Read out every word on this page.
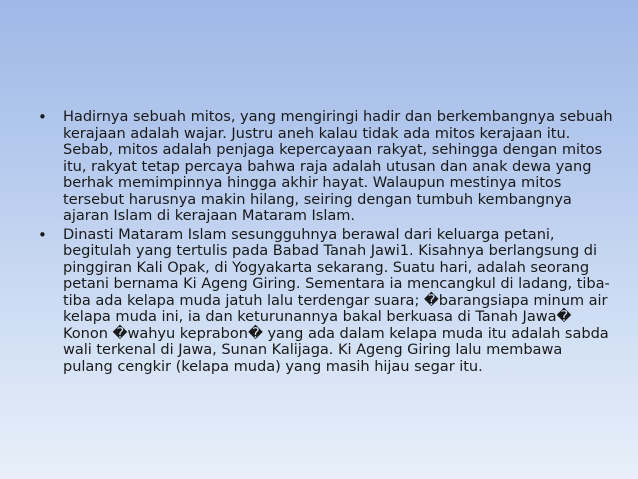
• Hadirnya sebuah mitos, yang mengiringi hadir dan berkembangnya sebuah
kerajaan adalah wajar. Justru aneh kalau tidak ada mitos kerajaan itu.
Sebab, mitos adalah penjaga kepercayaan rakyat, sehingga dengan mitos
itu, rakyat tetap percaya bahwa raja adalah utusan dan anak dewa yang
berhak memimpinnya hingga akhir hayat. Walaupun mestinya mitos
tersebut harusnya makin hilang, seiring dengan tumbuh kembangnya
ajaran Islam di kerajaan Mataram Islam.
• Dinasti Mataram Islam sesungguhnya berawal dari keluarga petani,
begitulah yang tertulis pada Babad Tanah Jawi1. Kisahnya berlangsung di
pinggiran Kali Opak, di Yogyakarta sekarang. Suatu hari, adalah seorang
petani bernama Ki Ageng Giring. Sementara ia mencangkul di ladang, tiba-
tiba ada kelapa muda jatuh lalu terdengar suara; �barangsiapa minum air
kelapa muda ini, ia dan keturunannya bakal berkuasa di Tanah Jawa�
Konon �wahyu keprabon� yang ada dalam kelapa muda itu adalah sabda
wali terkenal di Jawa, Sunan Kalijaga. Ki Ageng Giring lalu membawa
pulang cengkir (kelapa muda) yang masih hijau segar itu.
